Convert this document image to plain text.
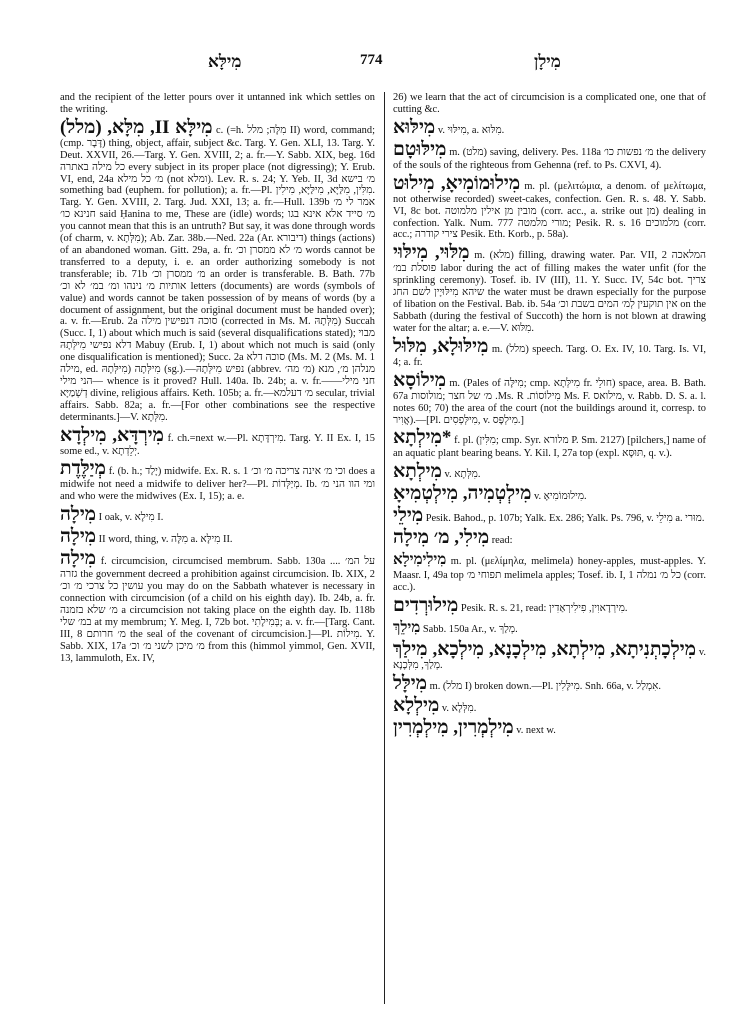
מִילָּא	774	מִילָן

and the recipient of the letter pours over it untanned ink which settles on the writing.

מִילָּא II, מִלָּא, (מלל) c. (=h. מִלָּה; מלל II) word, command; (cmp. דָּבָר) thing, object, affair, subject &c. Targ. Y. Gen. XLI, 13. Targ. Y. Deut. XXVII, 26.—Targ. Y. Gen. XVIII, 2; a. fr.—Y. Sabb. XIX, beg. 16d כל מילה באתרה every subject in its proper place (not digressing); Y. Erub. VI, end, 24a מ׳ כל מילא (not ומלא). Lev. R. s. 24; Y. Yeb. II, 3d מ׳ בישא something bad (euphem. for pollution); a. fr.—Pl. מִלִּין, מִלַּיָּא, מִילַּיָּא, מִילִין. Targ. Y. Gen. XVIII, 2. Targ. Jud. XXI, 13; a. fr.—Hull. 139b אמר לי מ׳ חנינא כו׳ said Ḥanina to me, These are (idle) words; מ׳ סייד אלא אינא בגו you cannot mean that this is an untruth? But say, it was done through words (of charm, v. מִלְּתָא); Ab. Zar. 38b.—Ned. 22a (Ar. דיבורא) things (actions) of an abandoned woman. Gitt. 29a, a. fr. מ׳ לא ממסרן וכ׳ words cannot be transferred to a deputy, i. e. an order authorizing somebody is not transferable; ib. 71b מ׳ ממסרן וכ׳ an order is transferable. B. Bath. 77b אותיות מ׳ נינהו ומ׳ במ׳ לא וכ׳ letters (documents) are words (symbols of value) and words cannot be taken possession of by means of words (by a document of assignment, but the original document must be handed over); a. v. fr.—Erub. 2a סוכה דנפישין מילה (corrected in Ms. M. מִלְּתָהּ) Succah (Succ. I, 1) about which much is said (several disqualifications stated); מבוי דלא נפישי מִילְּתָהּ Mabuy (Erub. I, 1) about which not much is said (only one disqualification is mentioned); Succ. 2a סוכה דלא (Ms. M. 2 (Ms. M. 1 מילה, ed. מִילְּתָהּ) מִילְּתָה (sg.).—נפיש מִילְּתָהּ (abbrev. מ׳ מה׳) מנלהן מ׳, מנא הני מילי— whence is it proved? Hull. 140a. Ib. 24b; a. v. fr.—חני מילי—דְשְׁמַיָּא divine, religious affairs. Keth. 105b; a. fr.—מ׳ דעלמא secular, trivial affairs. Sabb. 82a; a. fr.—[For other combinations see the respective determinants.]—V. מִלְּתָא.

מִירְדָּא, מִילְדָא f. ch.=next w.—Pl. מִירְדָּתָא. Targ. Y. II Ex. I, 15 some ed., v. יְלֵדְתָא.

מְיַלֶּדֶת f. (b. h.; יָלַד) midwife. Ex. R. s. 1 וכי מ׳ אינה צריכה מ׳ וכ׳ does a midwife not need a midwife to deliver her?—Pl. מְיַלְּדוֹת. Ib. ומי הוו הני מ׳ and who were the midwives (Ex. I, 15); a. e.

מִילָה I oak, v. מִילָא I.

מִילָה II word, thing, v. מִלָּה a. מִילָּא II.

מִילָה f. circumcision, circumcised membrum. Sabb. 130a על המ׳ .... גזרה the government decreed a prohibition against circumcision. Ib. XIX, 2 עושין כל צרכי מ׳ וכ׳ you may do on the Sabbath whatever is necessary in connection with circumcision (of a child on his eighth day). Ib. 24b, a. fr. מ׳ שלא בזמנה a circumcision not taking place on the eighth day. Ib. 118b במ׳ שלי at my membrum; Y. Meg. I, 72b bot. בְּמִילָתִי; a. v. fr.—[Targ. Cant. III, 8 מ׳ חרותם the seal of the covenant of circumcision.]—Pl. מִילוֹת. Y. Sabb. XIX, 17a מ׳ מיכן לשני מ׳ וכ׳ from this (himmol yimmol, Gen. XVII, 13, lammuloth, Ex. IV,

26) we learn that the act of circumcision is a complicated one, one that of cutting &c.

מִילּוּא v. מִילּוּי, a. מִלּוּא.

מִילּוּטָם m. (מלט) saving, delivery. Pes. 118a מ׳ נפשות כו׳ the delivery of the souls of the righteous from Gehenna (ref. to Ps. CXVI, 4).

מִילוּמוֹמִיאָ, מִילוּט m. pl. (μελιτώμια, a denom. of μελίτωμα, not otherwise recorded) sweet-cakes, confection. Gen. R. s. 48. Y. Sabb. VI, 8c bot. מובין מן אילין מלמוטה (corr. acc., a. strike out מן) dealing in confection. Yalk. Num. 777 מורי מלמטה; Pesik. R. s. 16 מלמוכים (corr. acc.; צירי קודרה Pesik. Eth. Korb., p. 58a).

מִלּוּי, מִילּוּי m. (מלא) filling, drawing water. Par. VII, 2 המלאכה פוסלת במ׳ labor during the act of filling makes the water unfit (for the sprinkling ceremony). Tosef. ib. IV (III), 11. Y. Succ. IV, 54c bot. צריך שיהא מִילּוּיָין לשם החג the water must be drawn especially for the purpose of libation on the Festival. Bab. ib. 54a אין תוקעין לְמ׳ המים בשבת וכ׳ on the Sabbath (during the festival of Succoth) the horn is not blown at drawing water for the altar; a. e.—V. מִלּוּא.

מִילּוּלָא, מִלּוּל m. (מלל) speech. Targ. O. Ex. IV, 10. Targ. Is. VI, 4; a. fr.

מִילוֹסָא m. (Pales of מִילָּה; cmp. מִילְּתָא fr. חולֵי) space, area. B. Bath. 67a מ׳ של חצר ;מולוסות .Ms. R .מִילוֹסוֹת Ms. F. מילואס, v. Rabb. D. S. a. l. notes 60; 70) the area of the court (not the buildings around it, corresp. to אֲוִיר).—[Pl. מִילְּפְסִים, v. מִילְפָּס.]

*מִילְתָא f. pl. (מִלִּין; cmp. Syr. מלורא P. Sm. 2127) [pilchers,] name of an aquatic plant bearing beans. Y. Kil. I, 27a top (expl. תּוּסָּא, q. v.).

מִילְתָא v. מִלְּתָא.

מִילְטְמִיה, מִילְטְמִיאָ v. מִילוּמוֹמִיאָ.

מִילֵי Pesik. Bahod., p. 107b; Yalk. Ex. 286; Yalk. Ps. 796, v. מִילֵי a. מוּרי.

מִילִי, מ׳ מִילָה read:

מִילִימִילָא m. pl. (μελίμηλα, melimela) honey-apples, must-apples. Y. Maasr. I, 49a top תפוחי מ׳ melimela apples; Tosef. ib. I, 1 כל מ׳ נמלה (corr. acc.).

מִילוּרְדִים Pesik. R. s. 21, read: מִירְדָאוִין, פִילִירְאַדִין.

מִילֵךְ Sabb. 150a Ar., v. מְלַךְ.

מִילְכָתְנִיתָא, מִילְתָא, מִילְכָנָא, מִילְכָא, מִילַךְ v. מְלַךְ, מִלְּכָנָא.

מִילָּל m. (מלל I) broken down.—Pl. מִילָּלִין. Snh. 66a, v. אִמְלַל.

מִילְלָא v. מִלְּלָא.

מִילְמְרִין, מִילְמְרִין v. next w.
